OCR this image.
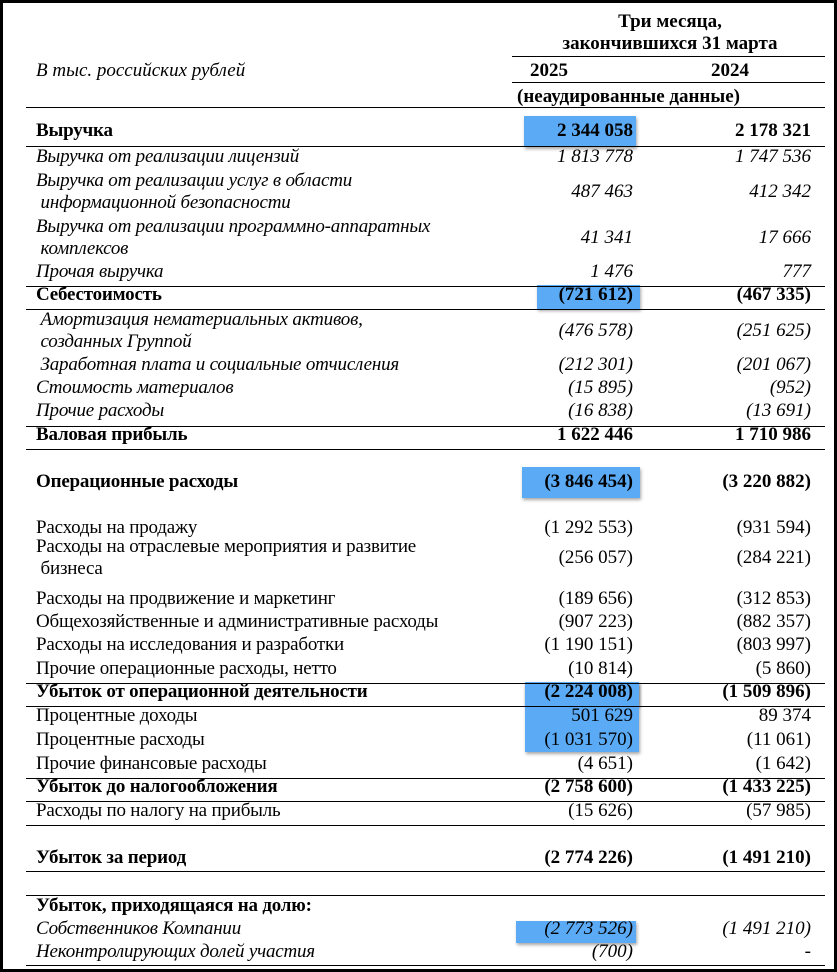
Три месяца,
закончившихся 31 марта
В тыс. российских рублей	2025	2024
(неаудированные данные)
Выручка	2 344 058	2 178 321
Выручка от реализации лицензий	1 813 778	1 747 536
Выручка от реализации услуг в области
информационной безопасности
487 463	412 342
Выручка от реализации программно-аппаратных
комплексов
41 341	17 666
Прочая выручка	1 476	777
Себестоимость	(721 612)	(467 335)
Амортизация нематериальных активов,
созданных Группой
(476 578)	(251 625)
Заработная плата и социальные отчисления	(212 301)	(201 067)
Стоимость материалов	(15 895)	(952)
Прочие расходы	(16 838)	(13 691)
Валовая прибыль	1 622 446	1 710 986
Операционные расходы	(3 846 454)	(3 220 882)
Расходы на продажу	(1 292 553)	(931 594)
Расходы на отраслевые мероприятия и развитие
бизнеса
(256 057)	(284 221)
Расходы на продвижение и маркетинг	(189 656)	(312 853)
Общехозяйственные и административные расходы	(907 223)	(882 357)
Расходы на исследования и разработки	(1 190 151)	(803 997)
Прочие операционные расходы, нетто	(10 814)	(5 860)
Убыток от операционной деятельности	(2 224 008)	(1 509 896)
Процентные доходы	501 629	89 374
Процентные расходы	(1 031 570)	(11 061)
Прочие финансовые расходы	(4 651)	(1 642)
Убыток до налогообложения	(2 758 600)	(1 433 225)
Расходы по налогу на прибыль	(15 626)	(57 985)
Убыток за период	(2 774 226)	(1 491 210)
Убыток, приходящаяся на долю:
Собственников Компании	(2 773 526)	(1 491 210)
Неконтролирующих долей участия	(700)	-
